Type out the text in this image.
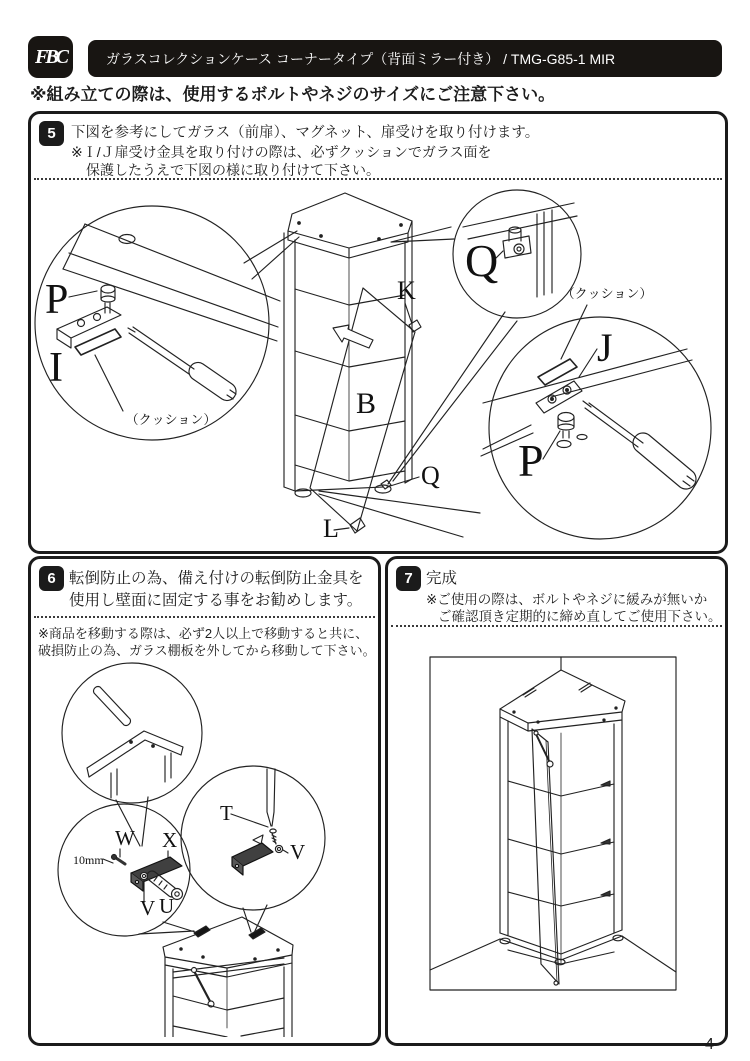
FBC	ガラスコレクションケース コーナータイプ（背面ミラー付き） / TMG-G85-1 MIR
※組み立ての際は、使用するボルトやネジのサイズにご注意下さい。
5	下図を参考にしてガラス（前扉）、マグネット、扉受けを取り付けます。
※Ｉ/Ｊ扉受け金具を取り付けの際は、必ずクッションでガラス面を
保護したうえで下図の様に取り付けて下さい。
P
I
（クッション）
K
B
Q
L
Q
J
P
（クッション）
6 転倒防止の為、備え付けの転倒防止金具を
使用し壁面に固定する事をお勧めします。
※商品を移動する際は、必ず2人以上で移動すると共に、
破損防止の為、ガラス棚板を外してから移動して下さい。
W X
10mm
V U
T
V
7 完成
※ご使用の際は、ボルトやネジに緩みが無いか
ご確認頂き定期的に締め直してご使用下さい。
4
